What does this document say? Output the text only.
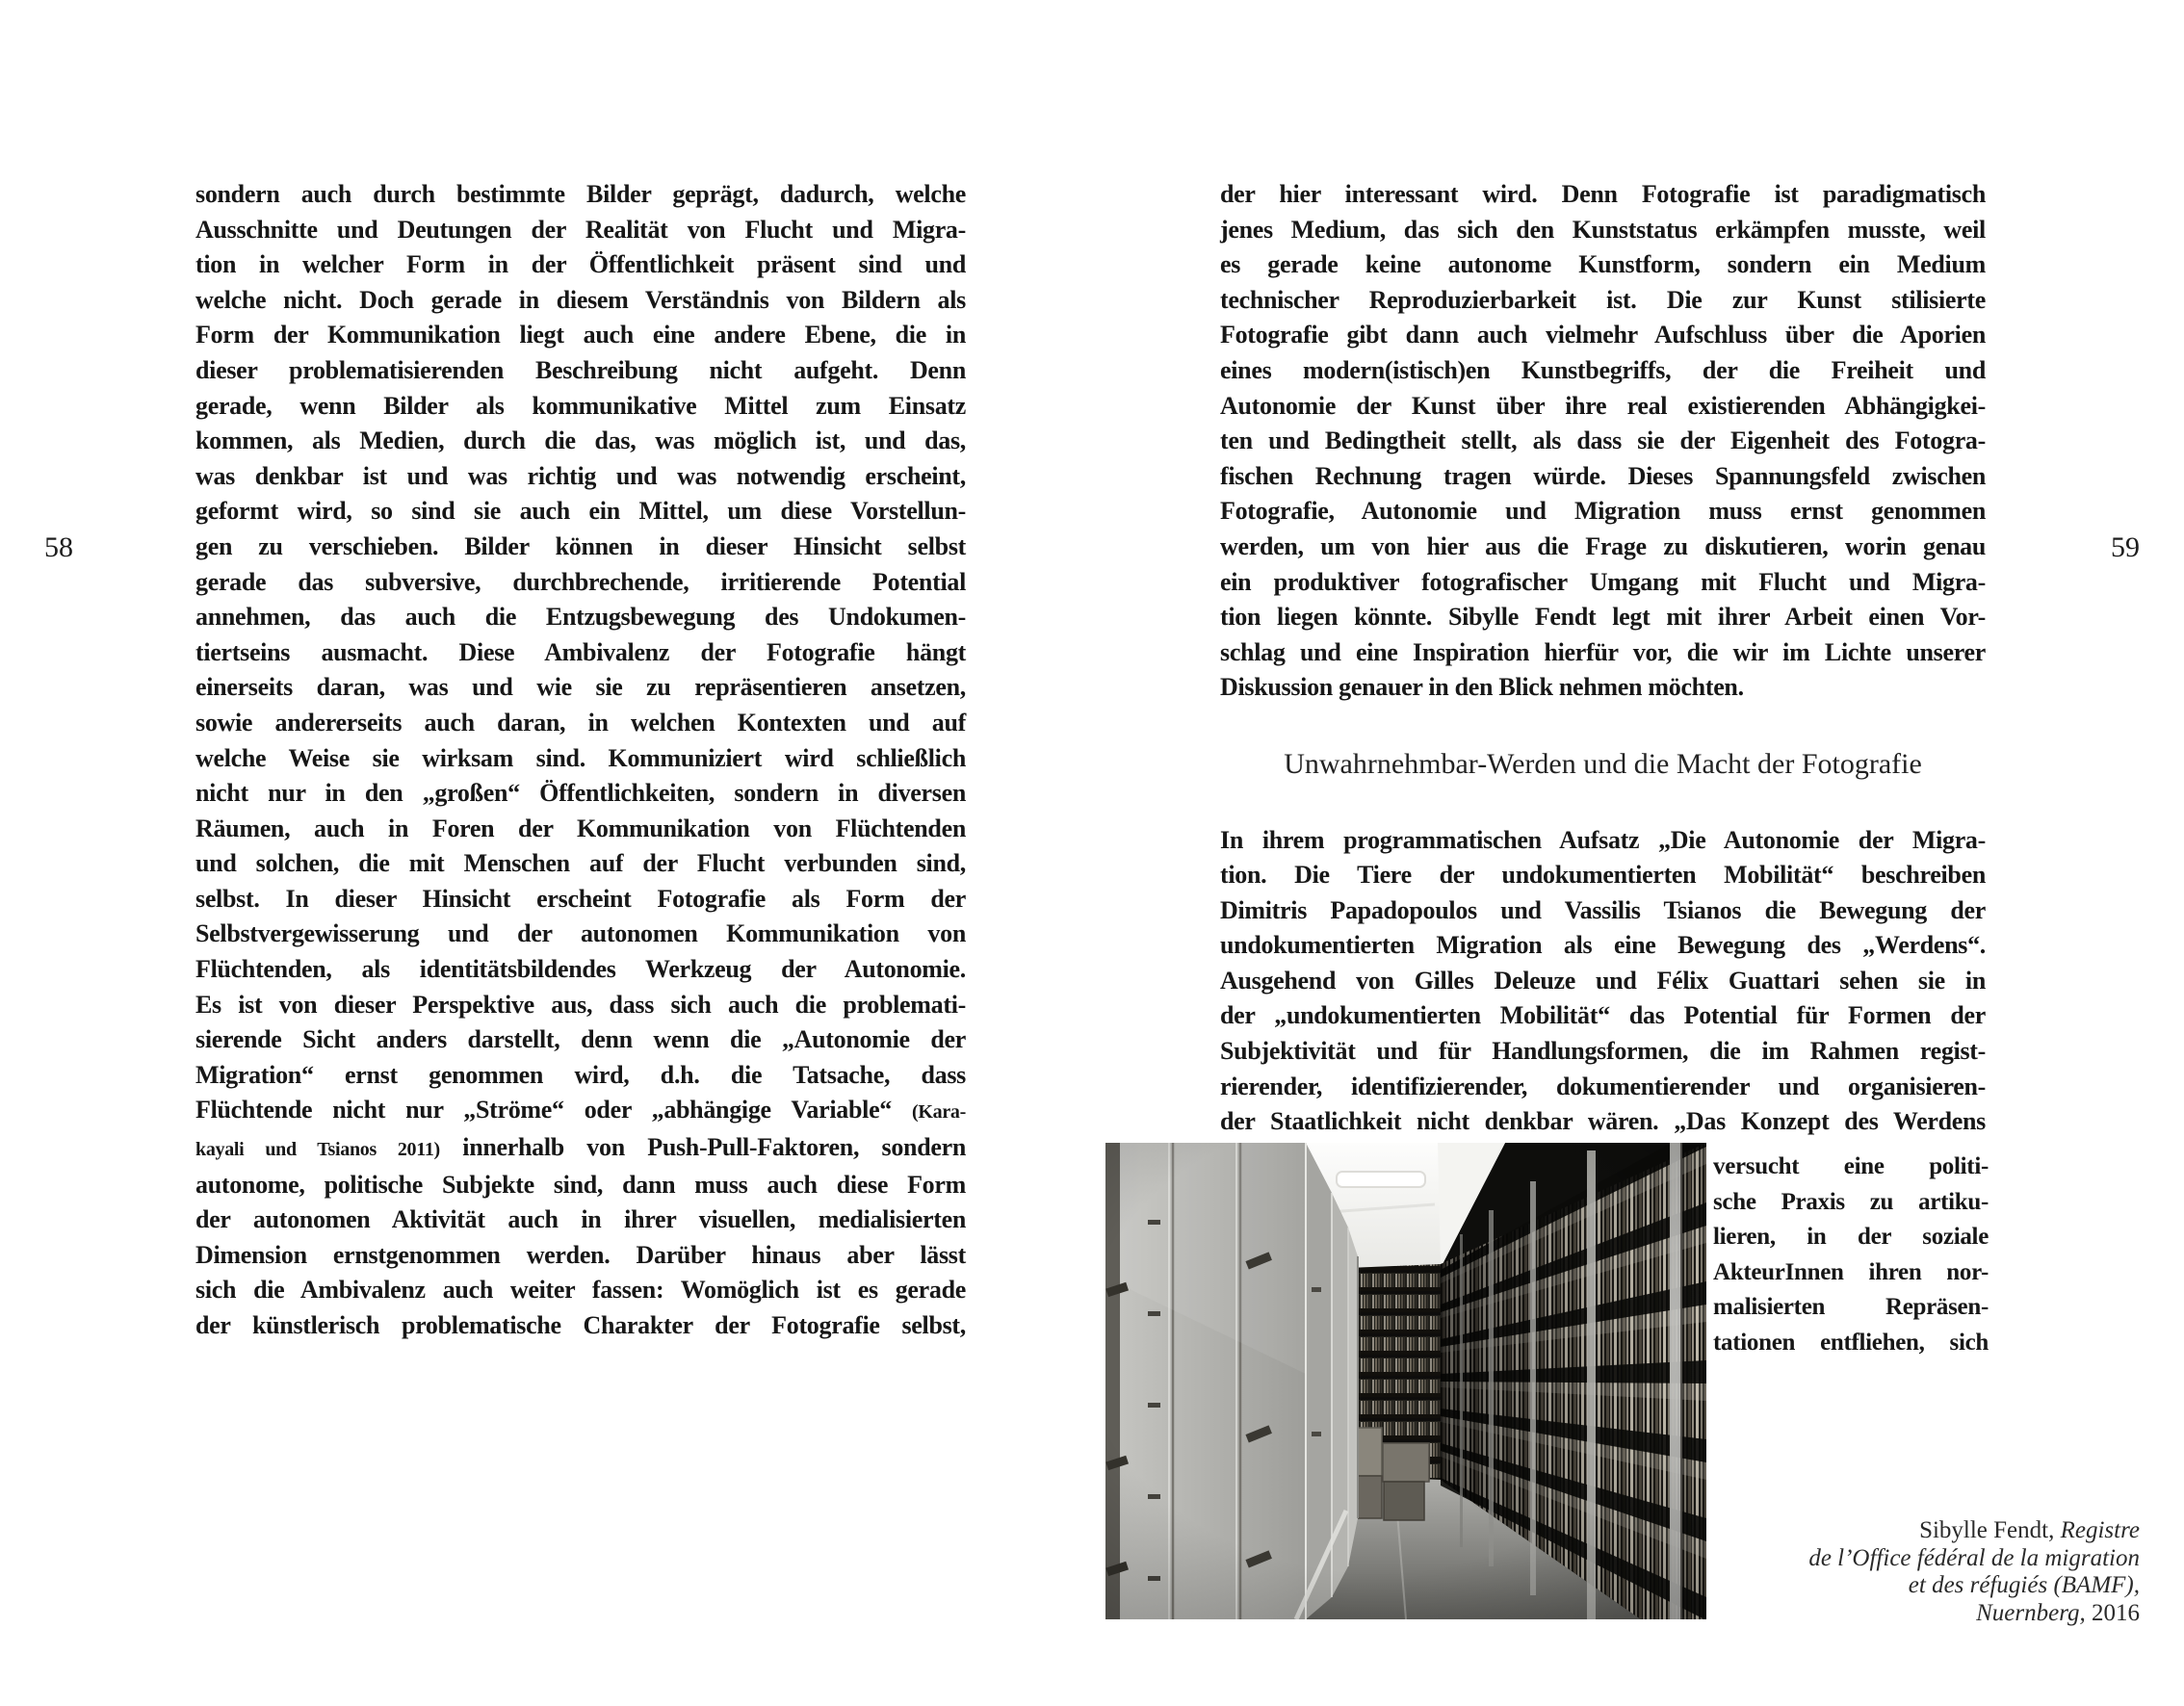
58	59
sondern auch durch bestimmte Bilder geprägt, dadurch, welche
Ausschnitte und Deutungen der Realität von Flucht und Migra-
tion in welcher Form in der Öffentlichkeit präsent sind und
welche nicht. Doch gerade in diesem Verständnis von Bildern als
Form der Kommunikation liegt auch eine andere Ebene, die in
dieser problematisierenden Beschreibung nicht aufgeht. Denn
gerade, wenn Bilder als kommunikative Mittel zum Einsatz
kommen, als Medien, durch die das, was möglich ist, und das,
was denkbar ist und was richtig und was notwendig erscheint,
geformt wird, so sind sie auch ein Mittel, um diese Vorstellun-
gen zu verschieben. Bilder können in dieser Hinsicht selbst
gerade das subversive, durchbrechende, irritierende Potential
annehmen, das auch die Entzugsbewegung des Undokumen-
tiertseins ausmacht. Diese Ambivalenz der Fotografie hängt
einerseits daran, was und wie sie zu repräsentieren ansetzen,
sowie andererseits auch daran, in welchen Kontexten und auf
welche Weise sie wirksam sind. Kommuniziert wird schließlich
nicht nur in den „großen“ Öffentlichkeiten, sondern in diversen
Räumen, auch in Foren der Kommunikation von Flüchtenden
und solchen, die mit Menschen auf der Flucht verbunden sind,
selbst. In dieser Hinsicht erscheint Fotografie als Form der
Selbstvergewisserung und der autonomen Kommunikation von
Flüchtenden, als identitätsbildendes Werkzeug der Autonomie.
Es ist von dieser Perspektive aus, dass sich auch die problemati-
sierende Sicht anders darstellt, denn wenn die „Autonomie der
Migration“ ernst genommen wird, d.h. die Tatsache, dass
Flüchtende nicht nur „Ströme“ oder „abhängige Variable“ (Kara-
kayali und Tsianos 2011) innerhalb von Push-Pull-Faktoren, sondern
autonome, politische Subjekte sind, dann muss auch diese Form
der autonomen Aktivität auch in ihrer visuellen, medialisierten
Dimension ernstgenommen werden. Darüber hinaus aber lässt
sich die Ambivalenz auch weiter fassen: Womöglich ist es gerade
der künstlerisch problematische Charakter der Fotografie selbst,
der hier interessant wird. Denn Fotografie ist paradigmatisch
jenes Medium, das sich den Kunststatus erkämpfen musste, weil
es gerade keine autonome Kunstform, sondern ein Medium
technischer Reproduzierbarkeit ist. Die zur Kunst stilisierte
Fotografie gibt dann auch vielmehr Aufschluss über die Aporien
eines modern(istisch)en Kunstbegriffs, der die Freiheit und
Autonomie der Kunst über ihre real existierenden Abhängigkei-
ten und Bedingtheit stellt, als dass sie der Eigenheit des Fotogra-
fischen Rechnung tragen würde. Dieses Spannungsfeld zwischen
Fotografie, Autonomie und Migration muss ernst genommen
werden, um von hier aus die Frage zu diskutieren, worin genau
ein produktiver fotografischer Umgang mit Flucht und Migra-
tion liegen könnte. Sibylle Fendt legt mit ihrer Arbeit einen Vor-
schlag und eine Inspiration hierfür vor, die wir im Lichte unserer
Diskussion genauer in den Blick nehmen möchten.
Unwahrnehmbar-Werden und die Macht der Fotografie
In ihrem programmatischen Aufsatz „Die Autonomie der Migra-
tion. Die Tiere der undokumentierten Mobilität“ beschreiben
Dimitris Papadopoulos und Vassilis Tsianos die Bewegung der
undokumentierten Migration als eine Bewegung des „Werdens“.
Ausgehend von Gilles Deleuze und Félix Guattari sehen sie in
der „undokumentierten Mobilität“ das Potential für Formen der
Subjektivität und für Handlungsformen, die im Rahmen regist-
rierender, identifizierender, dokumentierender und organisieren-
der Staatlichkeit nicht denkbar wären. „Das Konzept des Werdens
versucht eine politi-
sche Praxis zu artiku-
lieren, in der soziale
AkteurInnen ihren nor-
malisierten Repräsen-
tationen entfliehen, sich
Sibylle Fendt, Registre
de l’Office fédéral de la migration
et des réfugiés (BAMF),
Nuernberg, 2016
